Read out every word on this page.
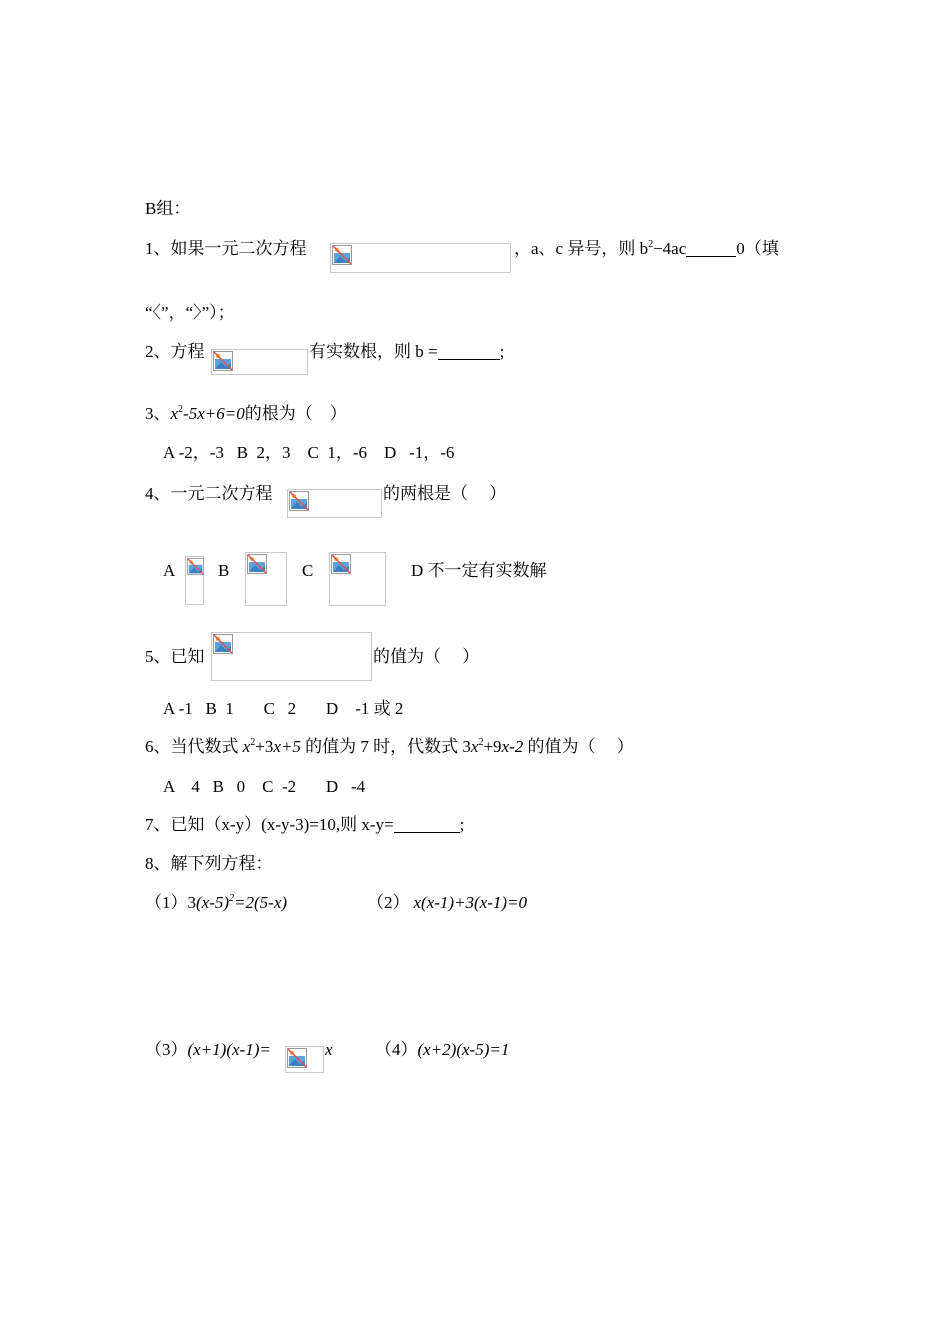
B组：
1、如果一元二次方程	，a、c 异号，则 $b^2-4ac$	0（填
“〈”，“〉”）；
2、方程	有实数根，则 b =	;
3、$x^2-5x+6=0$的根为（　）
A -2，-3   B  2，3    C  1，-6    D   -1，-6
4、一元二次方程	的两根是（　 ）
A	B	C	D 不一定有实数解
5、已知	的值为（　 ）
A -1   B  1       C   2       D    -1 或 2
6、当代数式 $x^2+3x+5$ 的值为 7 时，代数式 $3x^2+9x-2$ 的值为（　 ）
A    4   B   0    C  -2       D   -4
7、已知（x-y）(x-y-3)=10,则 x-y=	;
8、解下列方程：
$(1)3(x-5)^2=2(5-x)$	（2） x(x-1)+3(x-1)=0
（3）(x+1)(x-1)=	x （4）(x+2)(x-5)=1
